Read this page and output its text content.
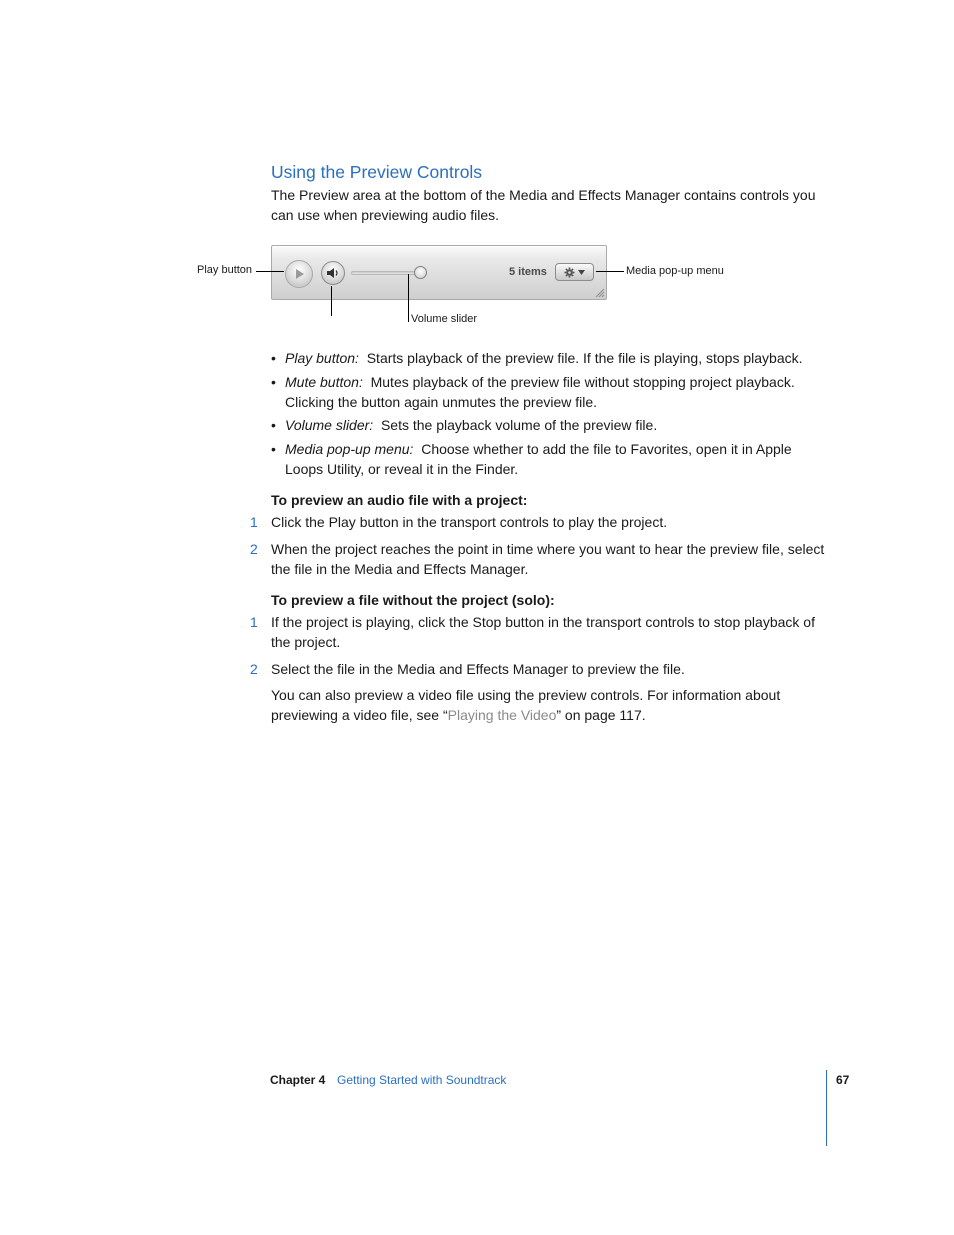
Using the Preview Controls
The Preview area at the bottom of the Media and Effects Manager contains controls you can use when previewing audio files.
5 items
Play button
Volume slider
Media pop-up menu
• Play button: Starts playback of the preview file. If the file is playing, stops playback.
• Mute button: Mutes playback of the preview file without stopping project playback. Clicking the button again unmutes the preview file.
• Volume slider: Sets the playback volume of the preview file.
• Media pop-up menu: Choose whether to add the file to Favorites, open it in Apple Loops Utility, or reveal it in the Finder.
To preview an audio file with a project:
1 Click the Play button in the transport controls to play the project.
2 When the project reaches the point in time where you want to hear the preview file, select the file in the Media and Effects Manager.
To preview a file without the project (solo):
1 If the project is playing, click the Stop button in the transport controls to stop playback of the project.
2 Select the file in the Media and Effects Manager to preview the file.
You can also preview a video file using the preview controls. For information about previewing a video file, see “Playing the Video” on page 117.
Chapter 4 Getting Started with Soundtrack	67
